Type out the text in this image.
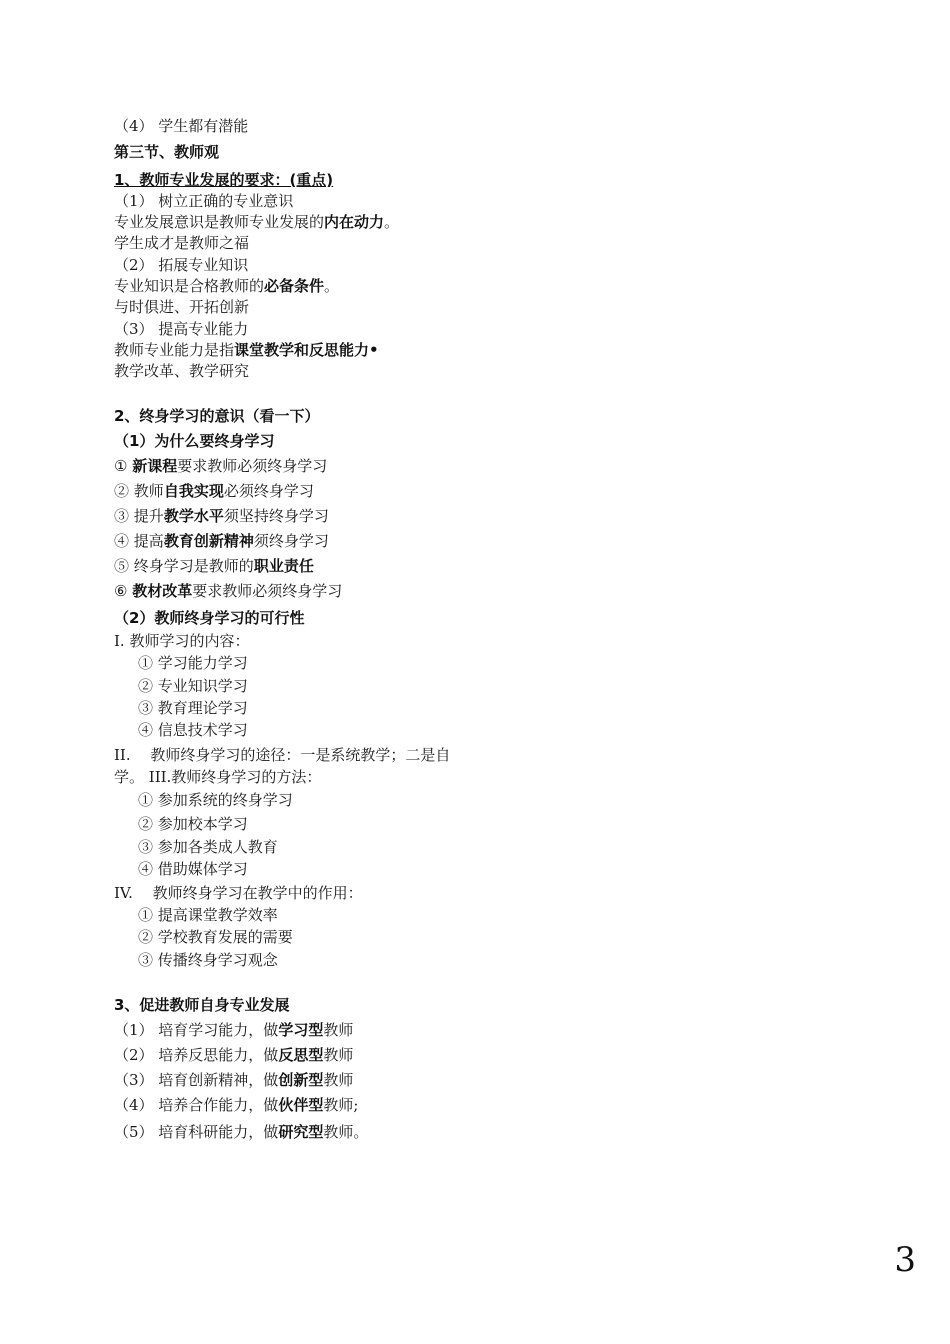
（4） 学生都有潜能
第三节、教师观
1、教师专业发展的要求：(重点)
（1） 树立正确的专业意识
专业发展意识是教师专业发展的内在动力。
学生成才是教师之福
（2） 拓展专业知识
专业知识是合格教师的必备条件。
与时俱进、开拓创新
（3） 提高专业能力
教师专业能力是指课堂教学和反思能力•
教学改革、教学研究
2、终身学习的意识（看一下）
（1）为什么要终身学习
① 新课程要求教师必须终身学习
② 教师自我实现必须终身学习
③ 提升教学水平须坚持终身学习
④ 提高教育创新精神须终身学习
⑤ 终身学习是教师的职业责任
⑥ 教材改革要求教师必须终身学习
（2）教师终身学习的可行性
I. 教师学习的内容：
① 学习能力学习
② 专业知识学习
③ 教育理论学习
④ 信息技术学习
II.　 教师终身学习的途径：一是系统教学；二是自
学。 III.教师终身学习的方法：
① 参加系统的终身学习
② 参加校本学习
③ 参加各类成人教育
④ 借助媒体学习
IV.　 教师终身学习在教学中的作用：
① 提高课堂教学效率
② 学校教育发展的需要
③ 传播终身学习观念
3、促进教师自身专业发展
（1） 培育学习能力，做学习型教师
（2） 培养反思能力，做反思型教师
（3） 培育创新精神，做创新型教师
（4） 培养合作能力，做伙伴型教师;
（5） 培育科研能力，做研究型教师。
3
